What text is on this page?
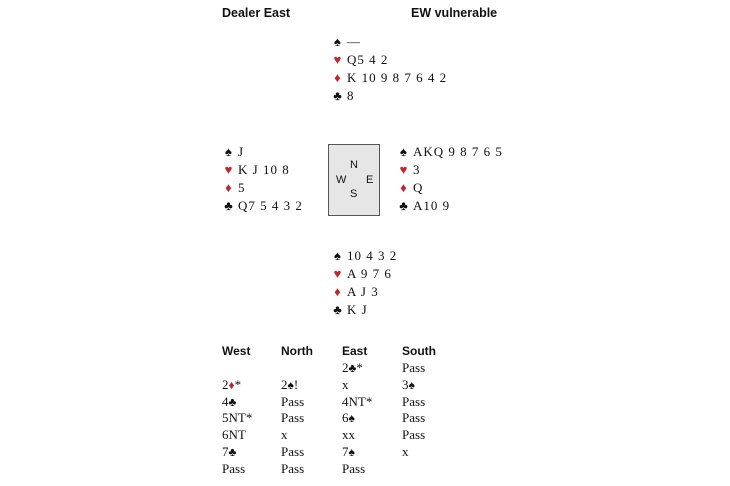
Dealer East	EW vulnerable
♠ —
♥ Q5 4 2
♦ K 10 9 8 7 6 4 2
♣ 8
♠ J
♥ K J 10 8
♦ 5
♣ Q7 5 4 3 2
N
W E
S
♠ AKQ 9 8 7 6 5
♥ 3
♦ Q
♣ A10 9
♠ 10 4 3 2
♥ A 9 7 6
♦ A J 3
♣ K J
West
2♦*
4♣
5NT*
6NT
7♣
Pass
North
2♠!
Pass
Pass
x
Pass
Pass
East
2♣*
x
4NT*
6♠
xx
7♠
Pass
South
Pass
3♠
Pass
Pass
Pass
x
